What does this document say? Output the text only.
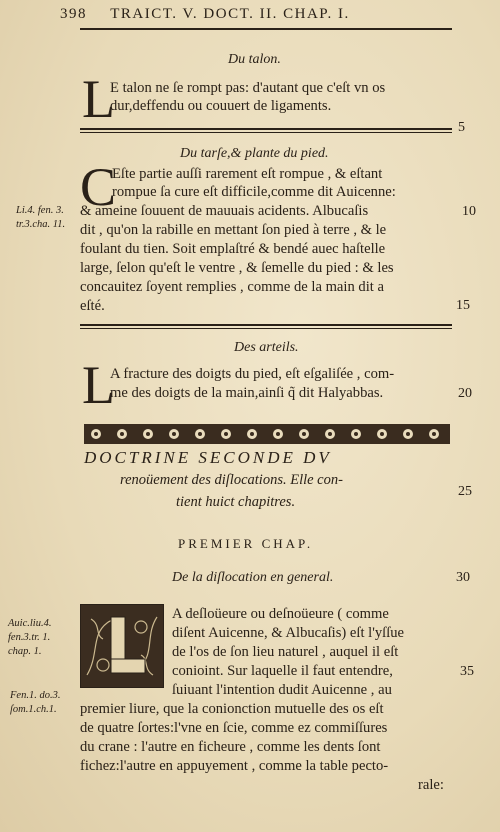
398 TRAICT. V. DOCT. II. CHAP. I.
Du talon.
L
E talon ne ſe rompt pas: d'autant que c'eſt vn os
dur,deffendu ou couuert de ligaments.
5
Du tarſe,& plante du pied.
C
Eſte partie auſſi rarement eſt rompue , & eſtant
rompue ſa cure eſt difficile,comme dit Auicenne:
& ameine ſouuent de mauuais acidents. Albucaſis
dit , qu'on la rabille en mettant ſon pied à terre , & le
foulant du tien. Soit emplaſtré & bendé auec haſtelle
large, ſelon qu'eſt le ventre , & ſemelle du pied : & les
concauitez ſoyent remplies , comme de la main dit a
eſté.
10
15
Li.4. fen. 3.
tr.3.cha. 11.
Des arteils.
L
A fracture des doigts du pied, eſt eſgaliſée , com-
me des doigts de la main,ainſi q̃ dit Halyabbas.	20
DOCTRINE SECONDE DV
renoüement des diſlocations. Elle con-
tient huict chapitres.
25
PREMIER CHAP.
De la diſlocation en general.	30
A deſloüeure ou deſnoüeure ( comme
diſent Auicenne, & Albucaſis) eſt l'yſſue
de l'os de ſon lieu naturel , auquel il eſt
conioint. Sur laquelle il faut entendre,
ſuiuant l'intention dudit Auicenne , au
premier liure, que la conionction mutuelle des os eſt
de quatre ſortes:l'vne en ſcie, comme ez commiſſures
du crane : l'autre en ficheure , comme les dents ſont
fichez:l'autre en appuyement , comme la table pecto-
rale:
35
Auic.liu.4.
fen.3.tr. 1.
chap. 1.
Fen.1. do.3.
ſom.1.ch.1.
